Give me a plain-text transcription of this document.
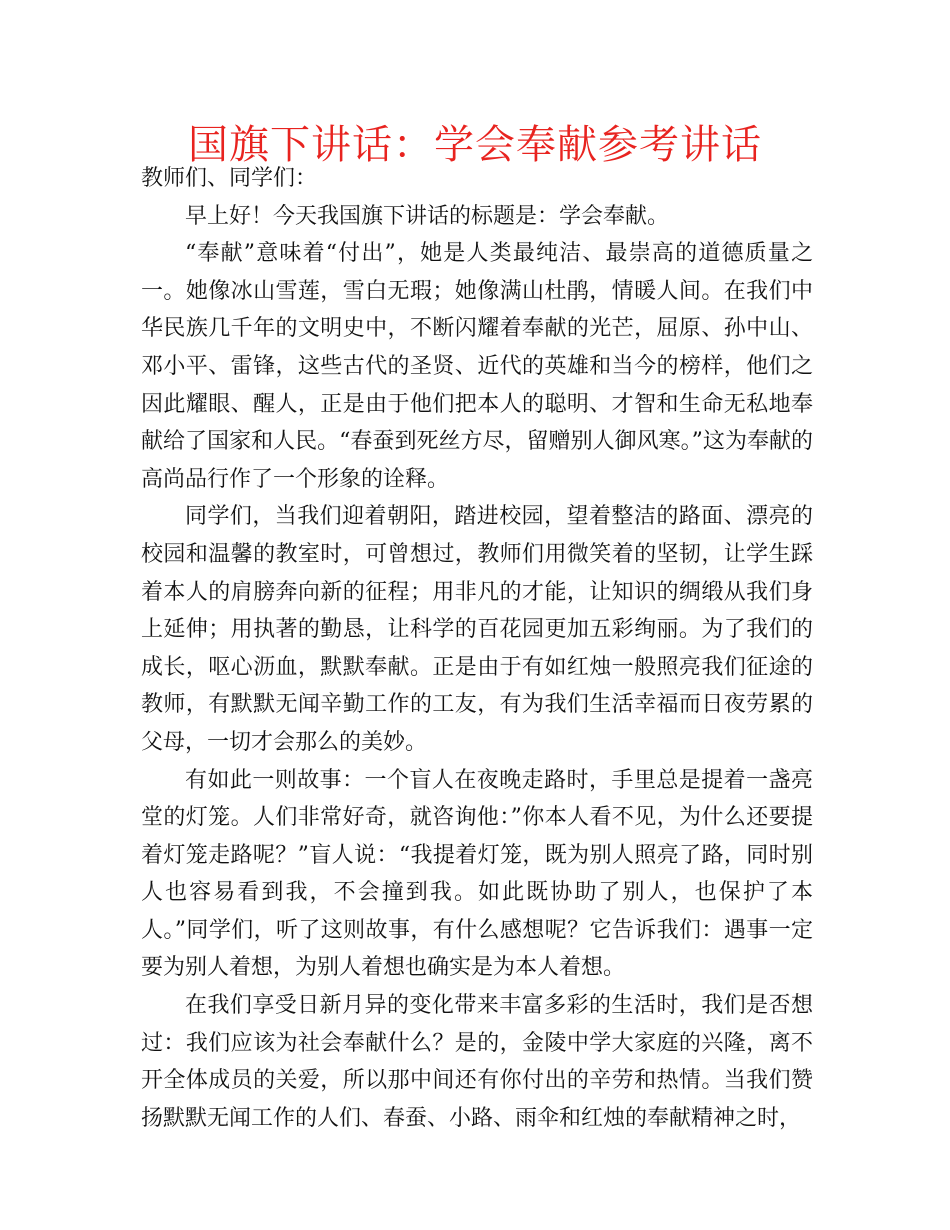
国旗下讲话：学会奉献参考讲话

教师们、同学们：

早上好！今天我国旗下讲话的标题是：学会奉献。

“奉献”意味着“付出”，她是人类最纯洁、最崇高的道德质量之一。她像冰山雪莲，雪白无瑕；她像满山杜鹃，情暖人间。在我们中华民族几千年的文明史中，不断闪耀着奉献的光芒，屈原、孙中山、邓小平、雷锋，这些古代的圣贤、近代的英雄和当今的榜样，他们之因此耀眼、醒人，正是由于他们把本人的聪明、才智和生命无私地奉献给了国家和人民。“春蚕到死丝方尽，留赠别人御风寒。”这为奉献的高尚品行作了一个形象的诠释。

同学们，当我们迎着朝阳，踏进校园，望着整洁的路面、漂亮的校园和温馨的教室时，可曾想过，教师们用微笑着的坚韧，让学生踩着本人的肩膀奔向新的征程；用非凡的才能，让知识的绸缎从我们身上延伸；用执著的勤恳，让科学的百花园更加五彩绚丽。为了我们的成长，呕心沥血，默默奉献。正是由于有如红烛一般照亮我们征途的教师，有默默无闻辛勤工作的工友，有为我们生活幸福而日夜劳累的父母，一切才会那么的美妙。

有如此一则故事：一个盲人在夜晚走路时，手里总是提着一盏亮堂的灯笼。人们非常好奇，就咨询他：”你本人看不见，为什么还要提着灯笼走路呢？”盲人说：“我提着灯笼，既为别人照亮了路，同时别人也容易看到我，不会撞到我。如此既协助了别人，也保护了本人。”同学们，听了这则故事，有什么感想呢？它告诉我们：遇事一定要为别人着想，为别人着想也确实是为本人着想。

在我们享受日新月异的变化带来丰富多彩的生活时，我们是否想过：我们应该为社会奉献什么？是的，金陵中学大家庭的兴隆，离不开全体成员的关爱，所以那中间还有你付出的辛劳和热情。当我们赞扬默默无闻工作的人们、春蚕、小路、雨伞和红烛的奉献精神之时，
